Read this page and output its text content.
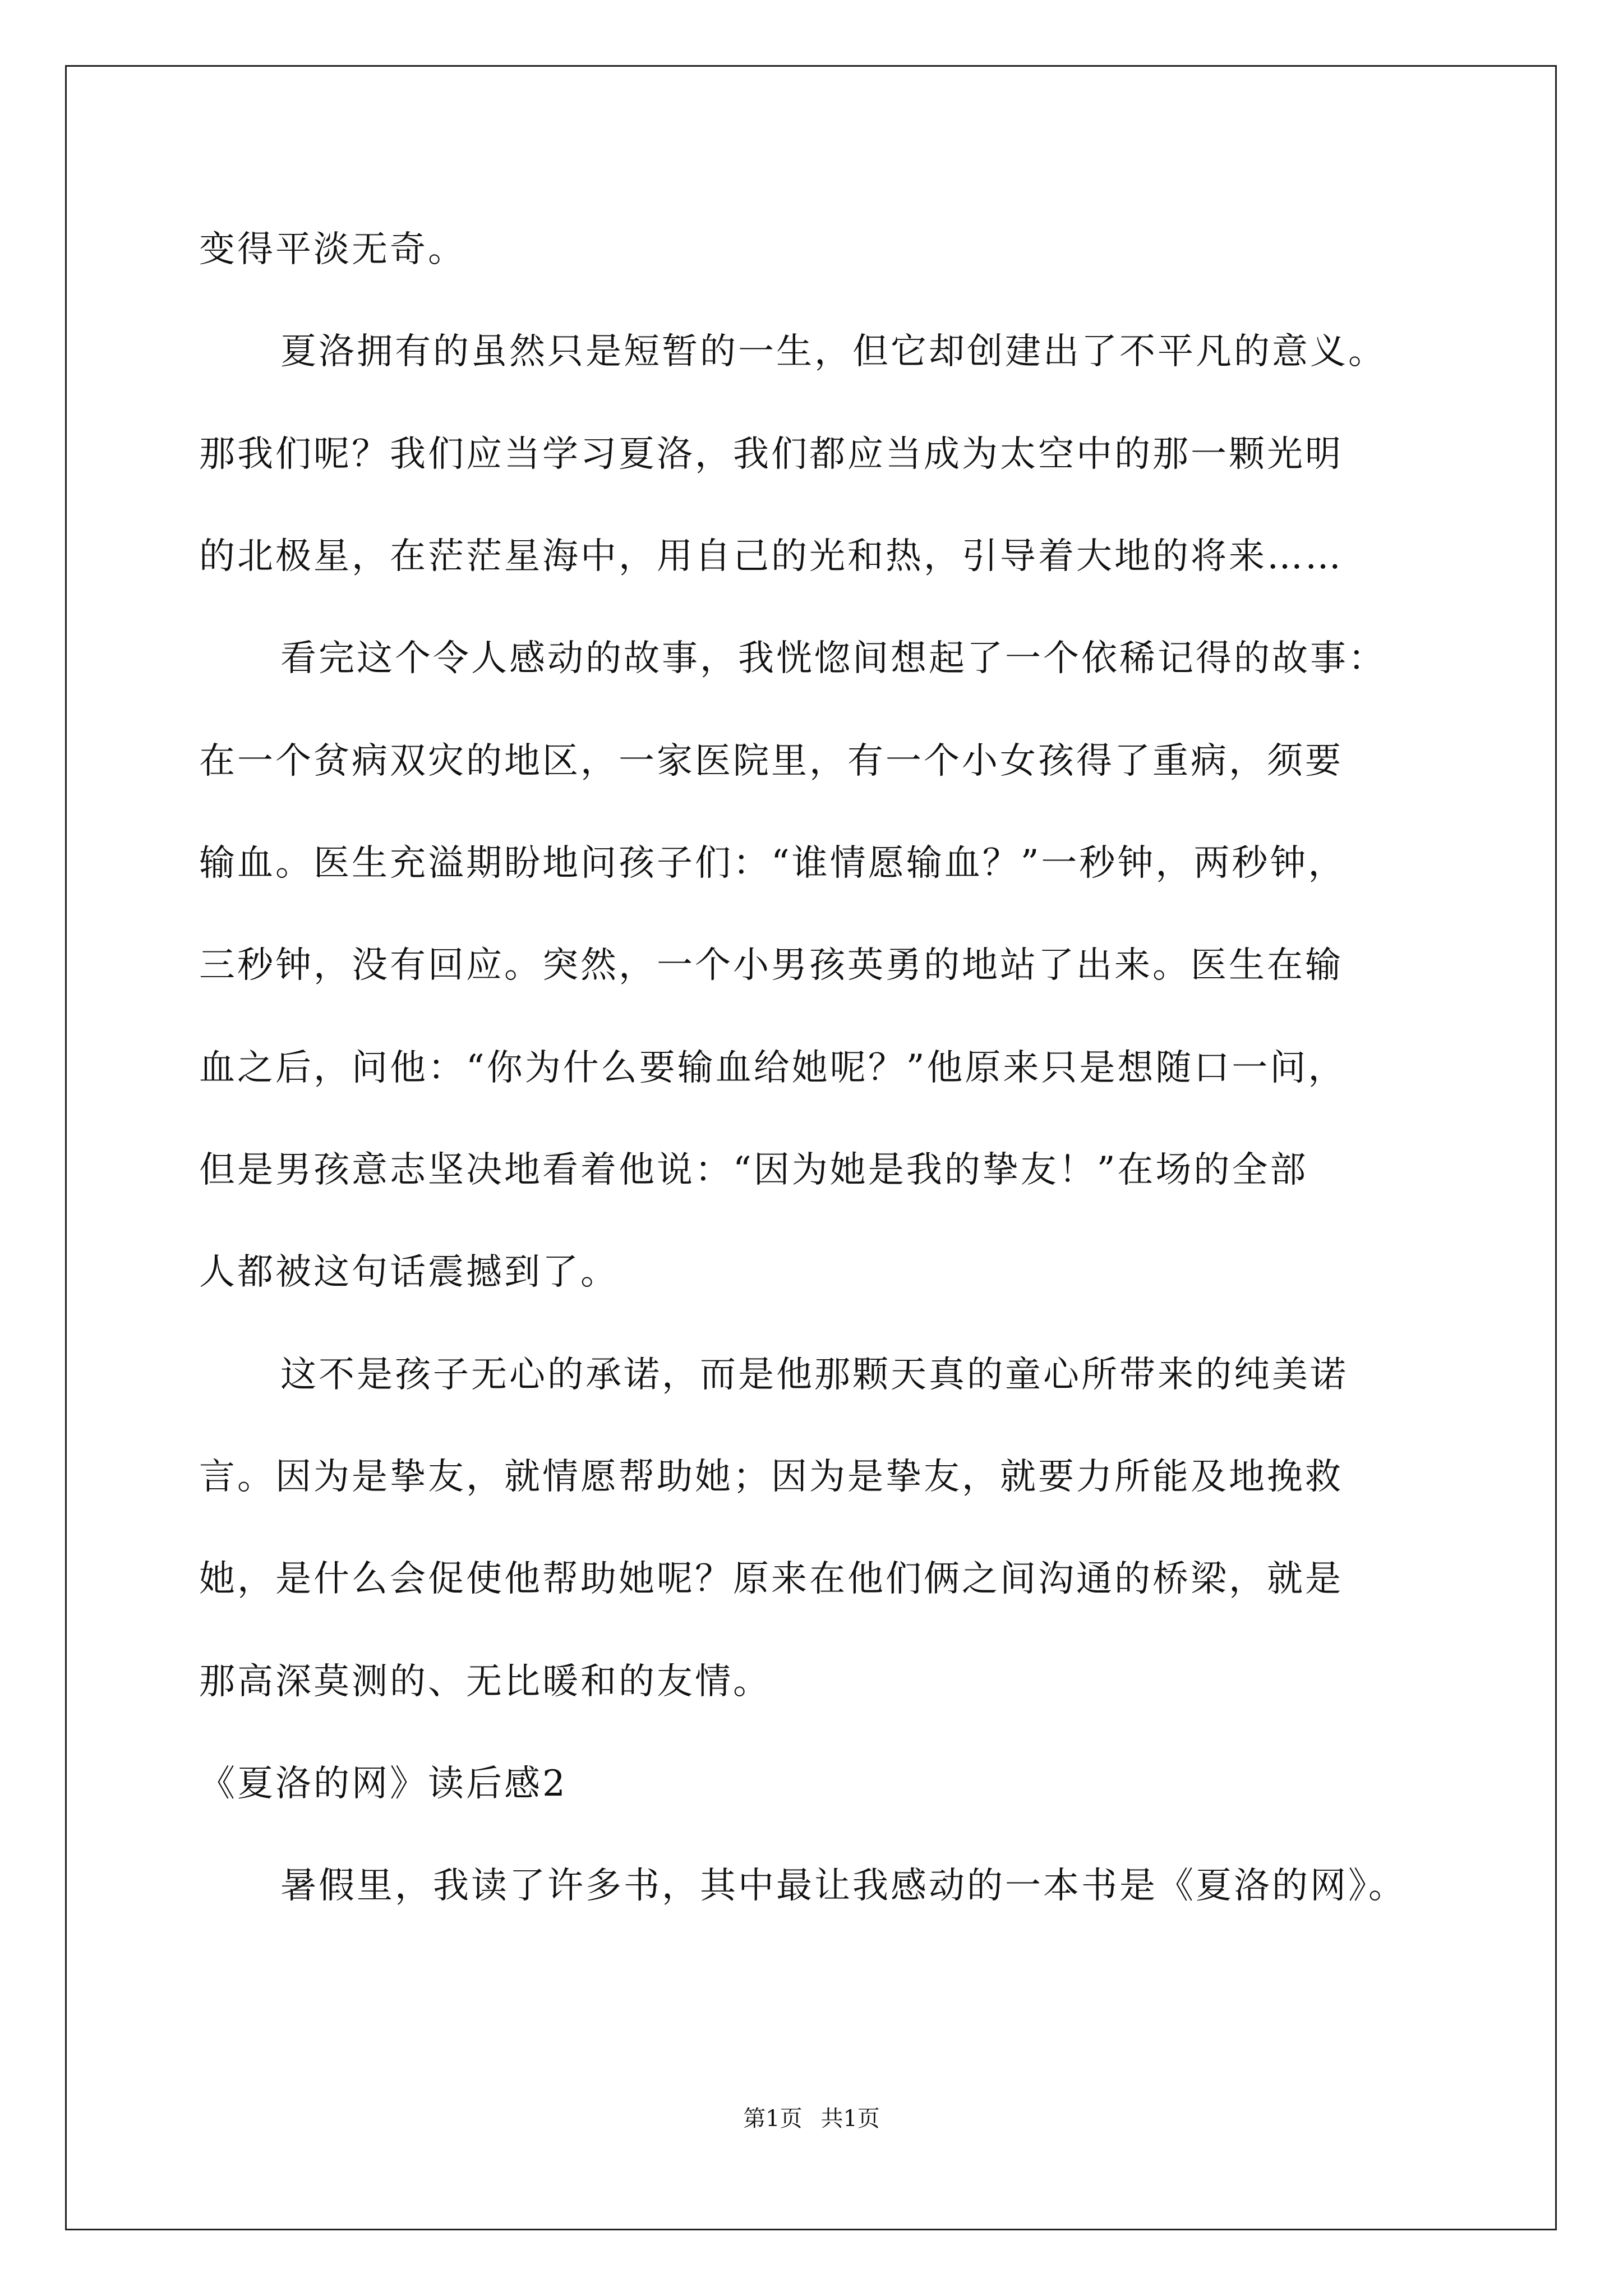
变得平淡无奇。
夏洛拥有的虽然只是短暂的一生，但它却创建出了不平凡的意义。
那我们呢？我们应当学习夏洛，我们都应当成为太空中的那一颗光明
的北极星，在茫茫星海中，用自己的光和热，引导着大地的将来……
看完这个令人感动的故事，我恍惚间想起了一个依稀记得的故事：
在一个贫病双灾的地区，一家医院里，有一个小女孩得了重病，须要
输血。医生充溢期盼地问孩子们：“谁情愿输血？”一秒钟，两秒钟，
三秒钟，没有回应。突然，一个小男孩英勇的地站了出来。医生在输
血之后，问他：“你为什么要输血给她呢？”他原来只是想随口一问，
但是男孩意志坚决地看着他说：“因为她是我的挚友！”在场的全部
人都被这句话震撼到了。
这不是孩子无心的承诺，而是他那颗天真的童心所带来的纯美诺
言。因为是挚友，就情愿帮助她；因为是挚友，就要力所能及地挽救
她，是什么会促使他帮助她呢？原来在他们俩之间沟通的桥梁，就是
那高深莫测的、无比暖和的友情。
《夏洛的网》读后感2
暑假里，我读了许多书，其中最让我感动的一本书是《夏洛的网》。
第1页 共1页
